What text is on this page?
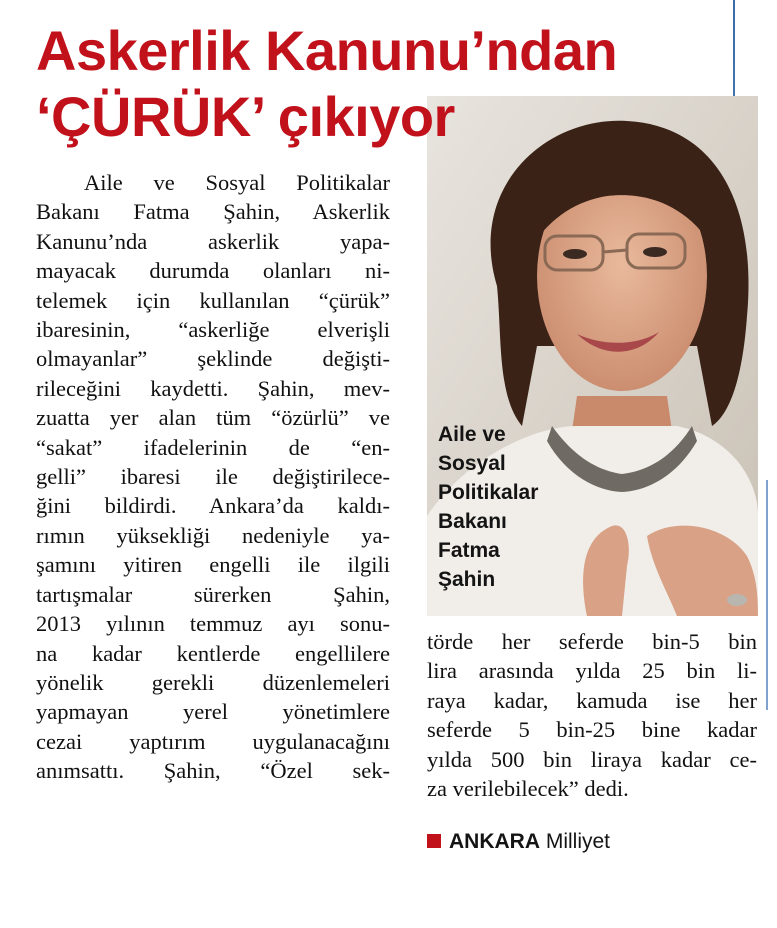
Askerlik Kanunu’ndan
‘ÇÜRÜK’ çıkıyor
Aile ve
Sosyal
Politikalar
Bakanı
Fatma
Şahin
Aile ve Sosyal Politikalar
Bakanı Fatma Şahin, Askerlik
Kanunu’nda askerlik yapa-
mayacak durumda olanları ni-
telemek için kullanılan “çürük”
ibaresinin, “askerliğe elverişli
olmayanlar” şeklinde değişti-
rileceğini kaydetti. Şahin, mev-
zuatta yer alan tüm “özürlü” ve
“sakat” ifadelerinin de “en-
gelli” ibaresi ile değiştirilece-
ğini bildirdi. Ankara’da kaldı-
rımın yüksekliği nedeniyle ya-
şamını yitiren engelli ile ilgili
tartışmalar sürerken Şahin,
2013 yılının temmuz ayı sonu-
na kadar kentlerde engellilere
yönelik gerekli düzenlemeleri
yapmayan yerel yönetimlere
cezai yaptırım uygulanacağını
anımsattı. Şahin, “Özel sek-
törde her seferde bin-5 bin
lira arasında yılda 25 bin li-
raya kadar, kamuda ise her
seferde 5 bin-25 bine kadar
yılda 500 bin liraya kadar ce-
za verilebilecek” dedi.
ANKARA Milliyet
